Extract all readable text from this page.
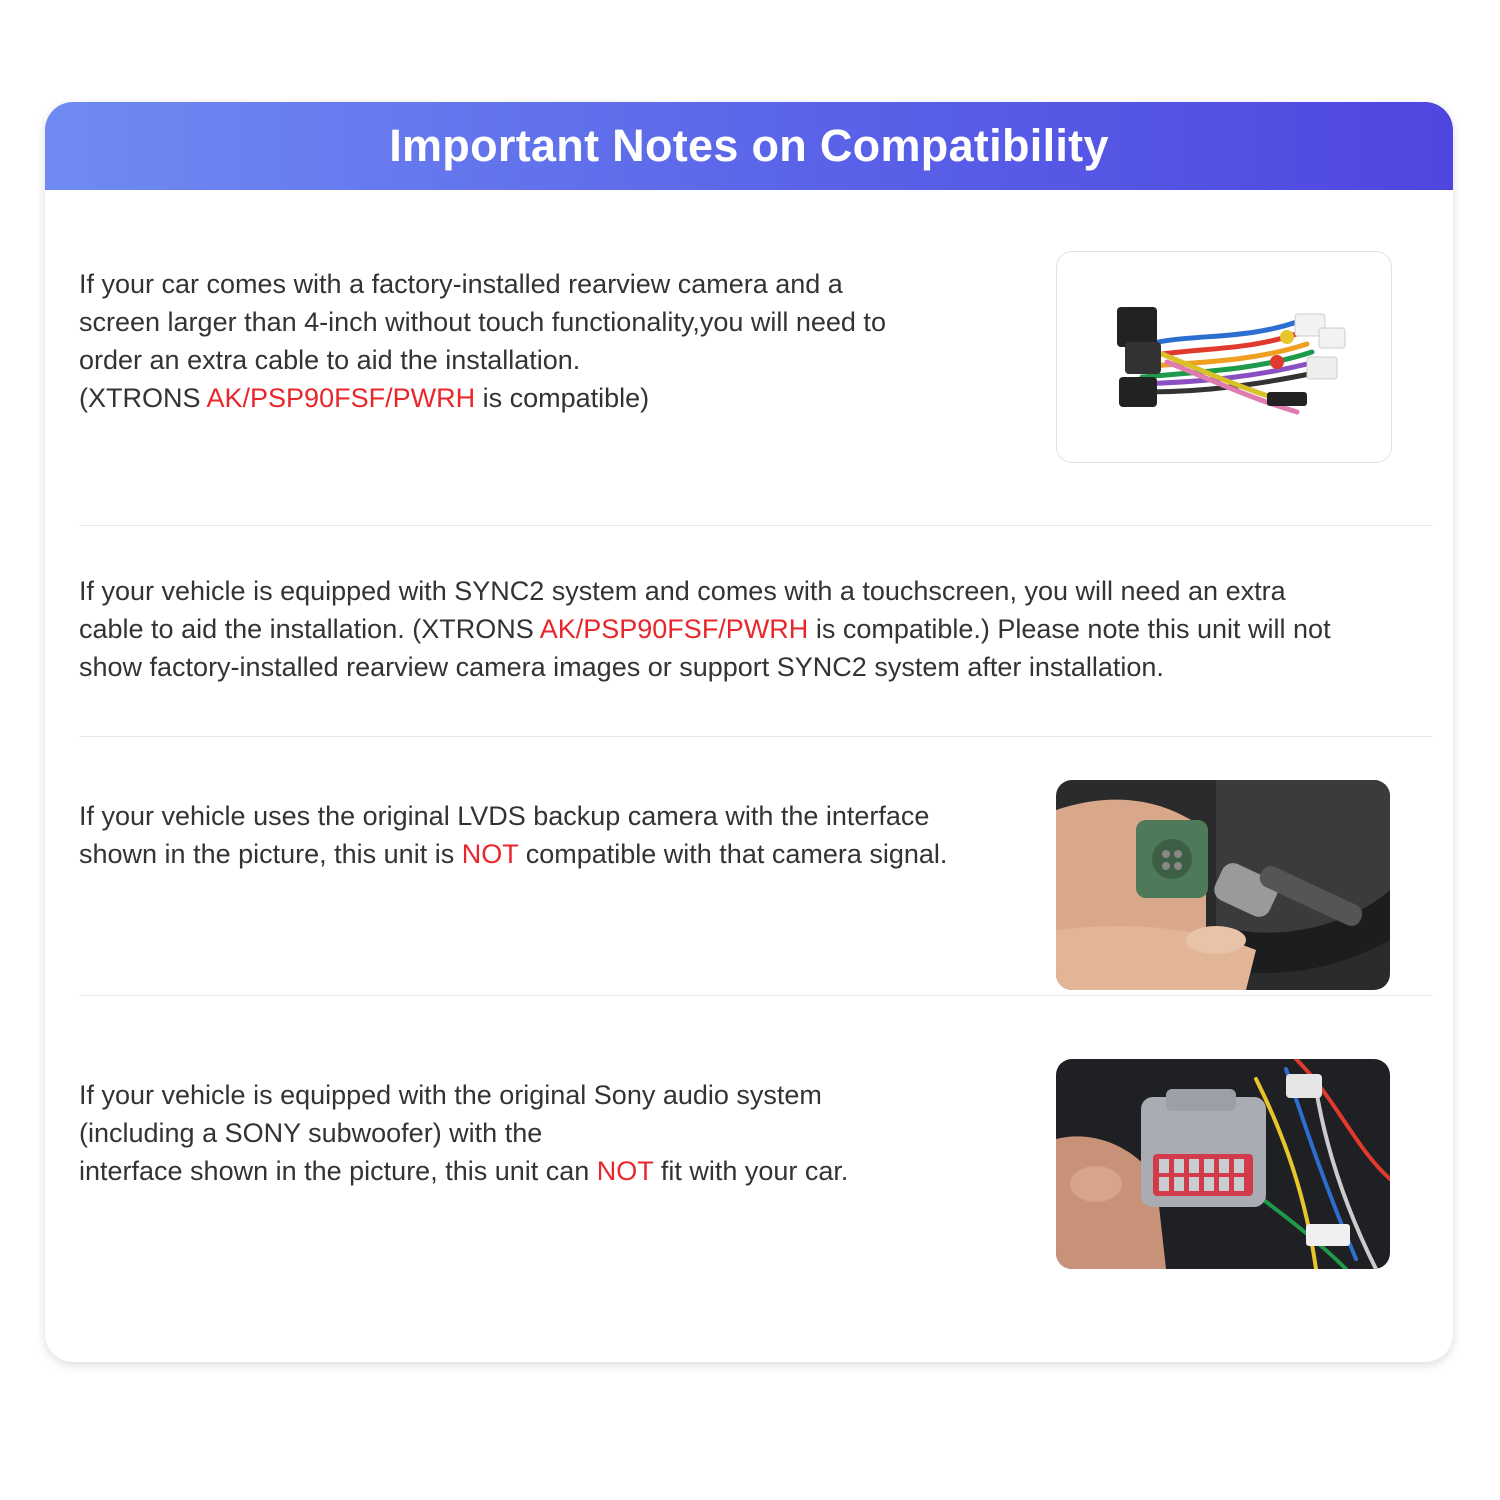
Important Notes on Compatibility

If your car comes with a factory-installed rearview camera and a

screen larger than 4-inch without touch functionality,you will need to

order an extra cable to aid the installation.

(XTRONS AK/PSP90FSF/PWRH is compatible)

If your vehicle is equipped with SYNC2 system and comes with a touchscreen, you will need an extra

cable to aid the installation. (XTRONS AK/PSP90FSF/PWRH is compatible.) Please note this unit will not

show factory-installed rearview camera images or support SYNC2 system after installation.

If your vehicle uses the original LVDS backup camera with the interface

shown in the picture, this unit is NOT compatible with that camera signal.

If your vehicle is equipped with the original Sony audio system

(including a SONY subwoofer) with the

interface shown in the picture, this unit can NOT fit with your car.
